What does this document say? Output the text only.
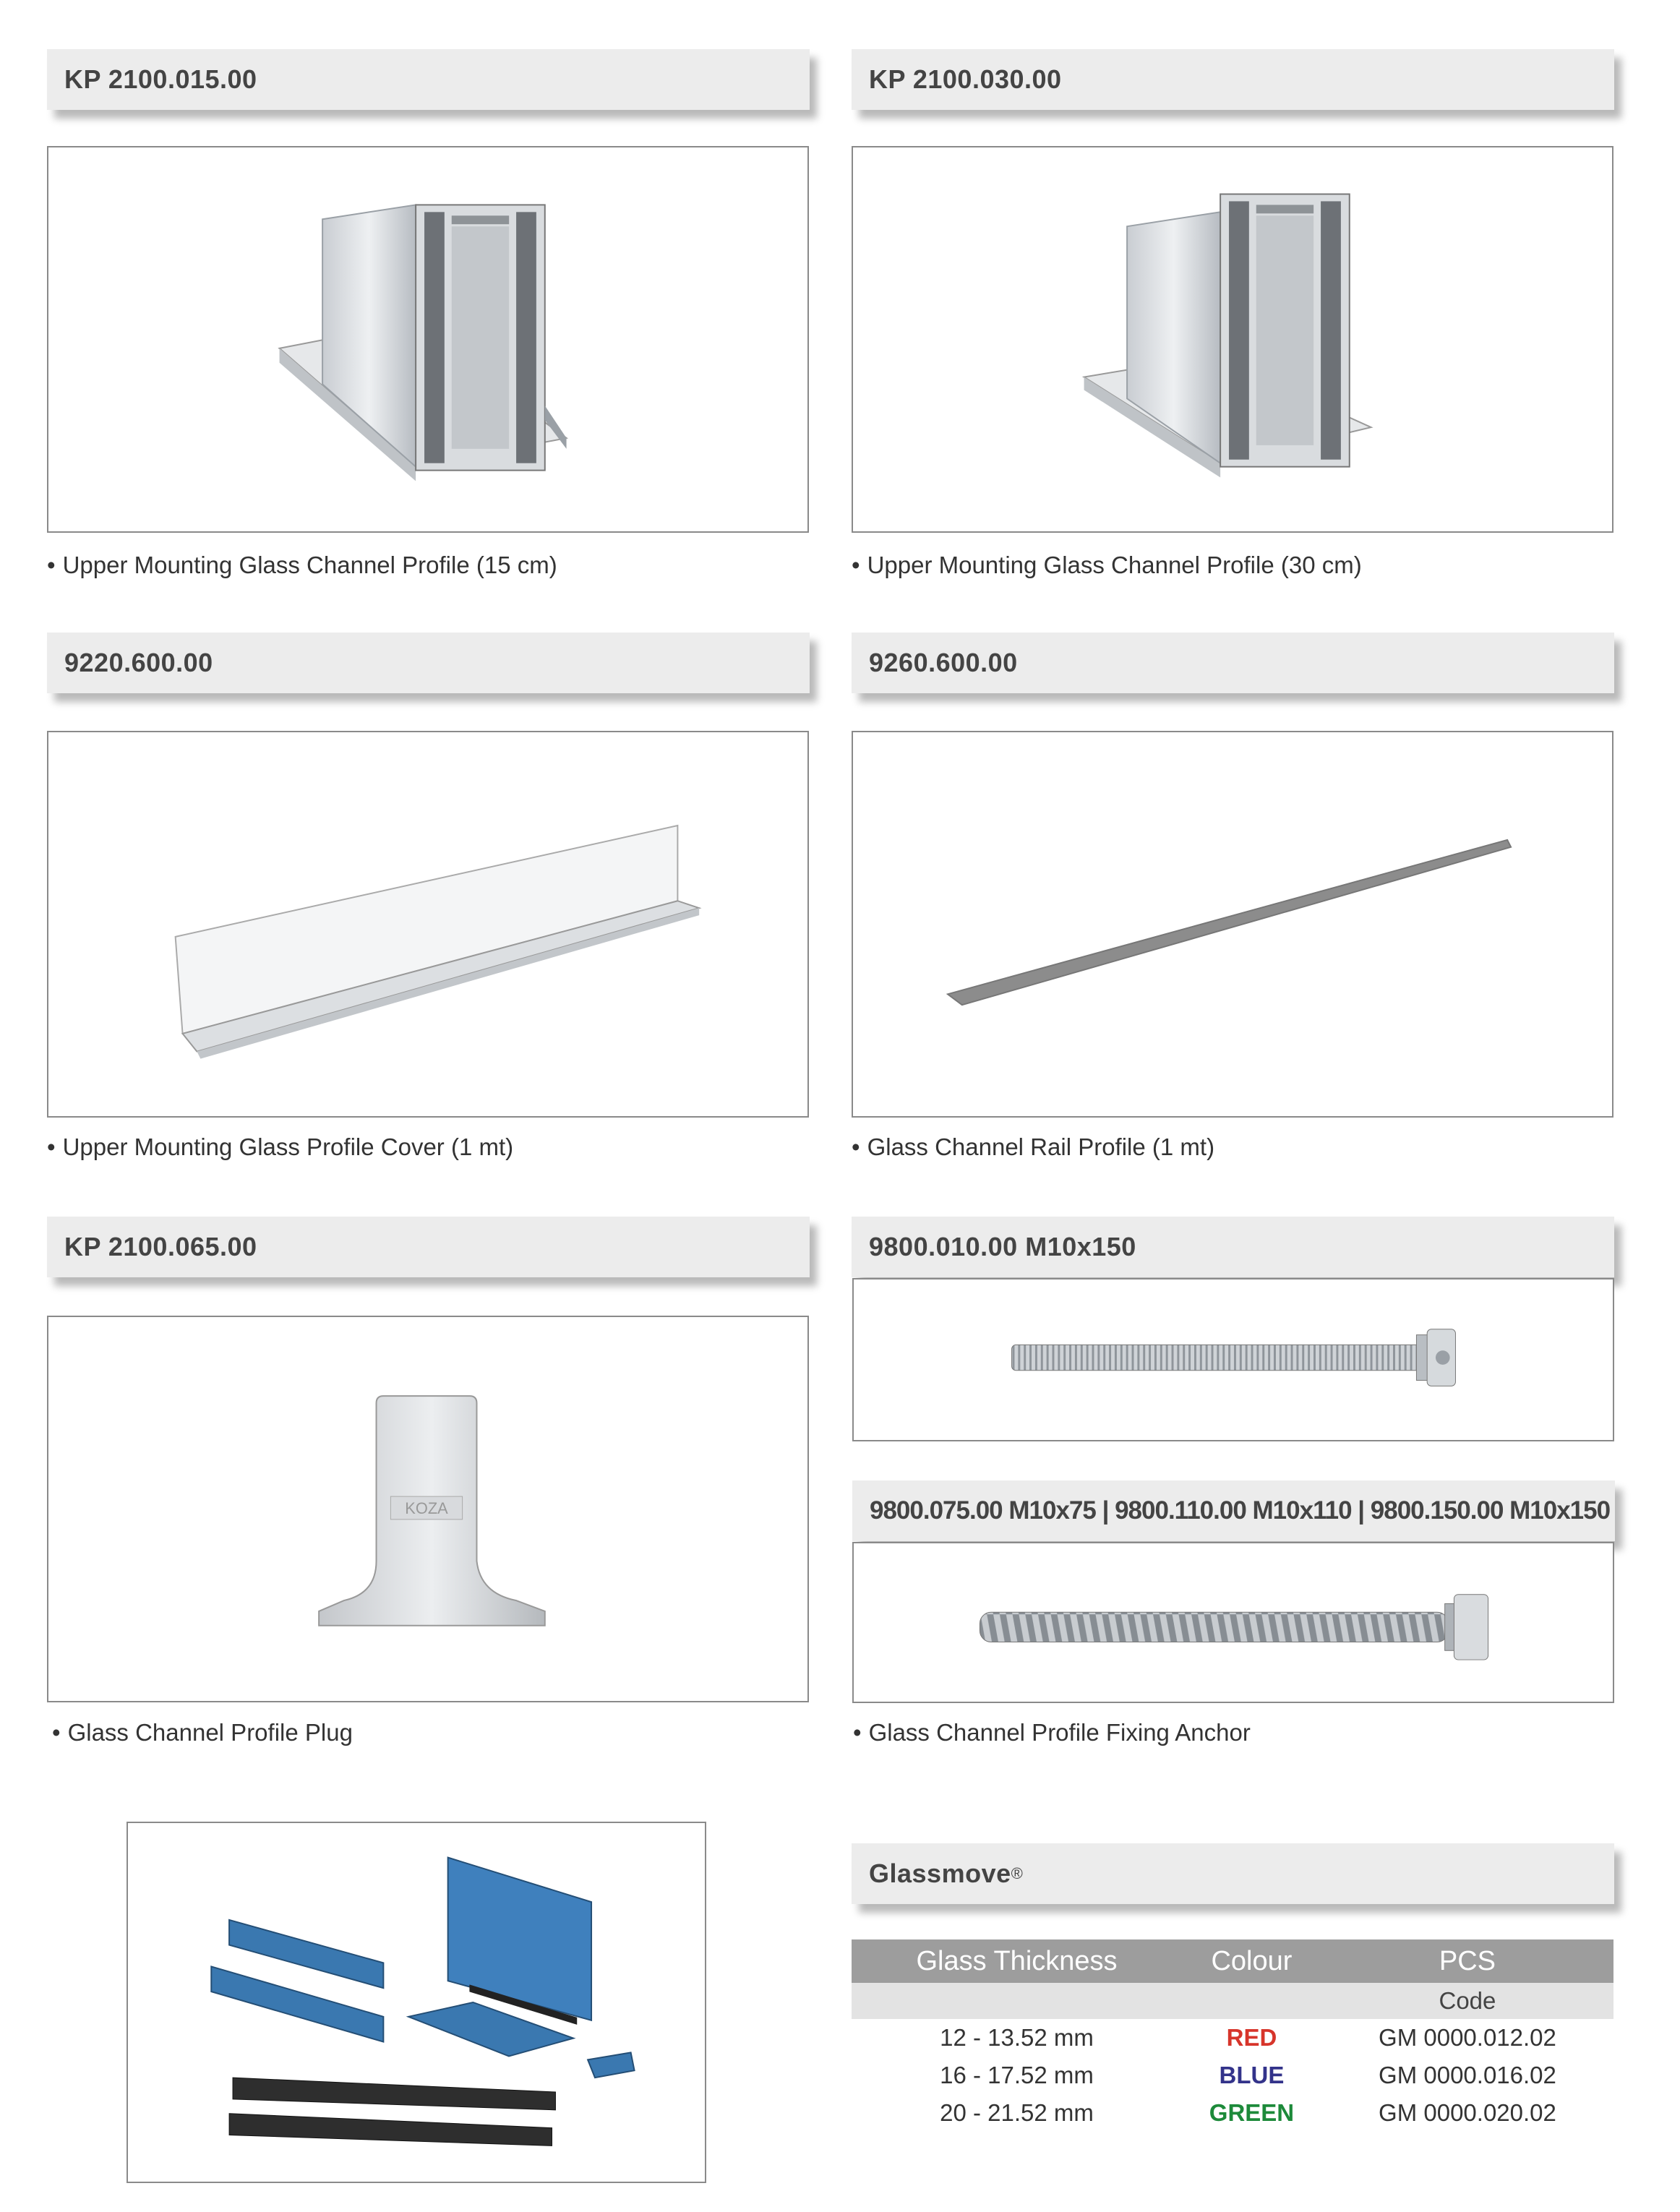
KP 2100.015.00	KP 2100.030.00
• Upper Mounting Glass Channel Profile (15 cm)	• Upper Mounting Glass Channel Profile (30 cm)
9220.600.00	9260.600.00
• Upper Mounting Glass Profile Cover (1 mt)	• Glass Channel Rail Profile (1 mt)
KP 2100.065.00	9800.010.00 M10x150
KOZA	9800.075.00 M10x75 | 9800.110.00 M10x110 | 9800.150.00 M10x150
• Glass Channel Profile Plug	• Glass Channel Profile Fixing Anchor
Glassmove ®
Glass Thickness	Colour	PCS
		Code
12 - 13.52 mm	RED	GM 0000.012.02
16 - 17.52 mm	BLUE	GM 0000.016.02
20 - 21.52 mm	GREEN	GM 0000.020.02
